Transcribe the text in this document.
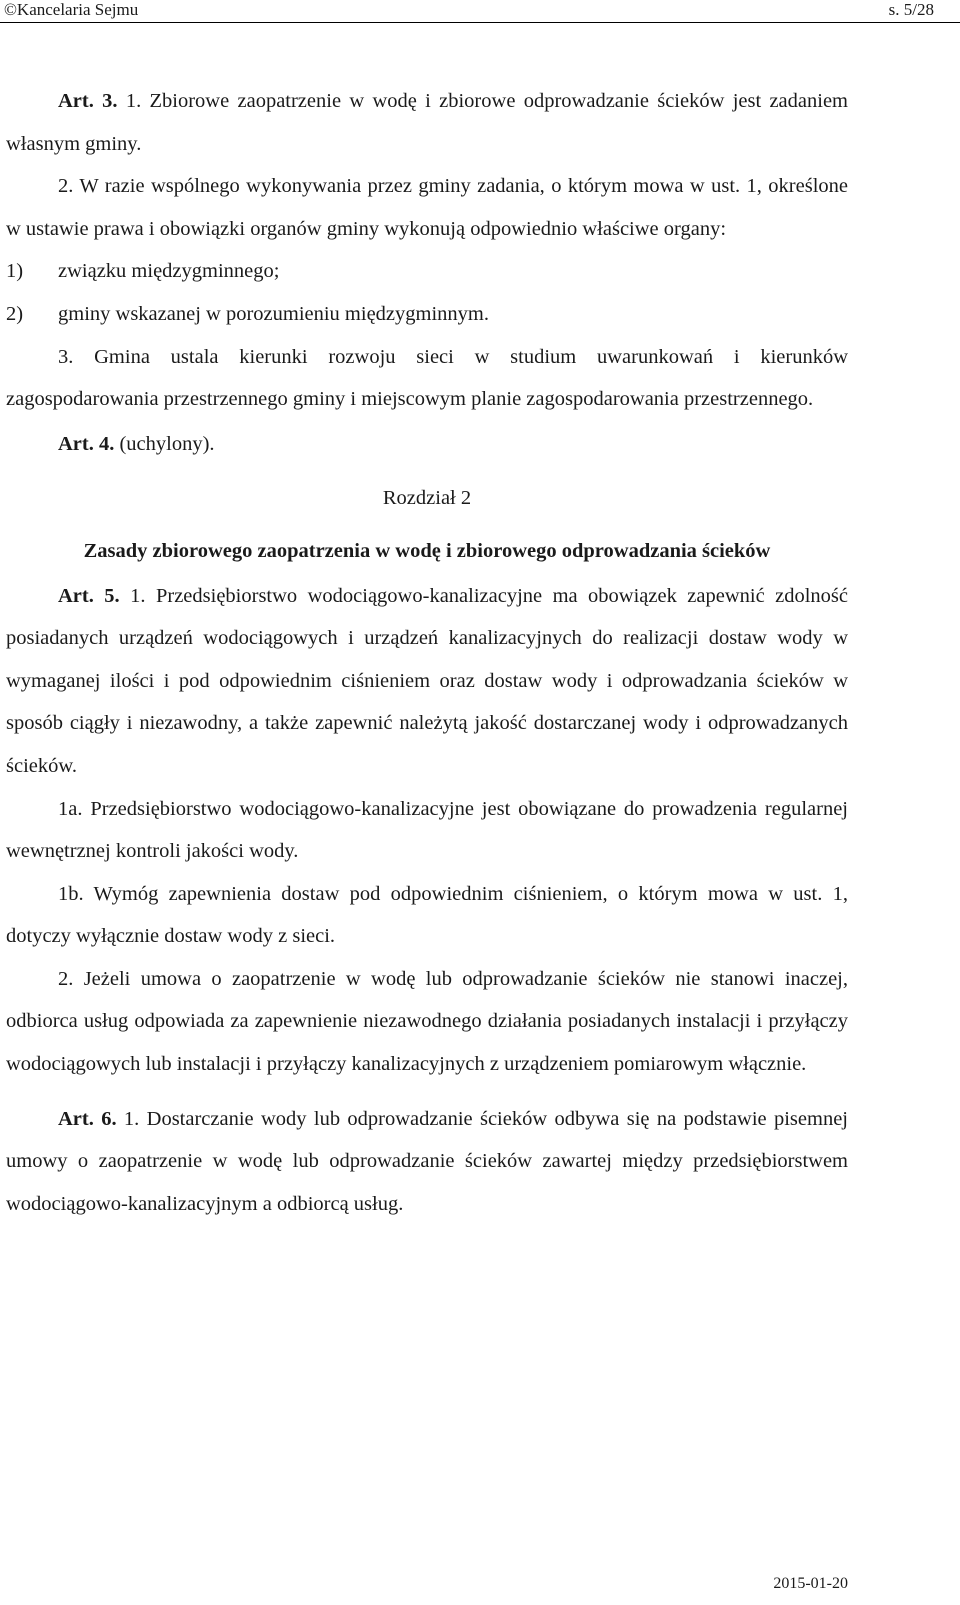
©Kancelaria Sejmu	s. 5/28

Art. 3. 1. Zbiorowe zaopatrzenie w wodę i zbiorowe odprowadzanie ścieków jest zadaniem własnym gminy.

2. W razie wspólnego wykonywania przez gminy zadania, o którym mowa w ust. 1, określone w ustawie prawa i obowiązki organów gminy wykonują odpowiednio właściwe organy:

1) związku międzygminnego;

2) gminy wskazanej w porozumieniu międzygminnym.

3. Gmina ustala kierunki rozwoju sieci w studium uwarunkowań i kierunków zagospodarowania przestrzennego gminy i miejscowym planie zagospodarowania przestrzennego.

Art. 4. (uchylony).

Rozdział 2

Zasady zbiorowego zaopatrzenia w wodę i zbiorowego odprowadzania ścieków

Art. 5. 1. Przedsiębiorstwo wodociągowo-kanalizacyjne ma obowiązek zapewnić zdolność posiadanych urządzeń wodociągowych i urządzeń kanalizacyjnych do realizacji dostaw wody w wymaganej ilości i pod odpowiednim ciśnieniem oraz dostaw wody i odprowadzania ścieków w sposób ciągły i niezawodny, a także zapewnić należytą jakość dostarczanej wody i odprowadzanych ścieków.

1a. Przedsiębiorstwo wodociągowo-kanalizacyjne jest obowiązane do prowadzenia regularnej wewnętrznej kontroli jakości wody.

1b. Wymóg zapewnienia dostaw pod odpowiednim ciśnieniem, o którym mowa w ust. 1, dotyczy wyłącznie dostaw wody z sieci.

2. Jeżeli umowa o zaopatrzenie w wodę lub odprowadzanie ścieków nie stanowi inaczej, odbiorca usług odpowiada za zapewnienie niezawodnego działania posiadanych instalacji i przyłączy wodociągowych lub instalacji i przyłączy kanalizacyjnych z urządzeniem pomiarowym włącznie.

Art. 6. 1. Dostarczanie wody lub odprowadzanie ścieków odbywa się na podstawie pisemnej umowy o zaopatrzenie w wodę lub odprowadzanie ścieków zawartej między przedsiębiorstwem wodociągowo-kanalizacyjnym a odbiorcą usług.

2015-01-20
